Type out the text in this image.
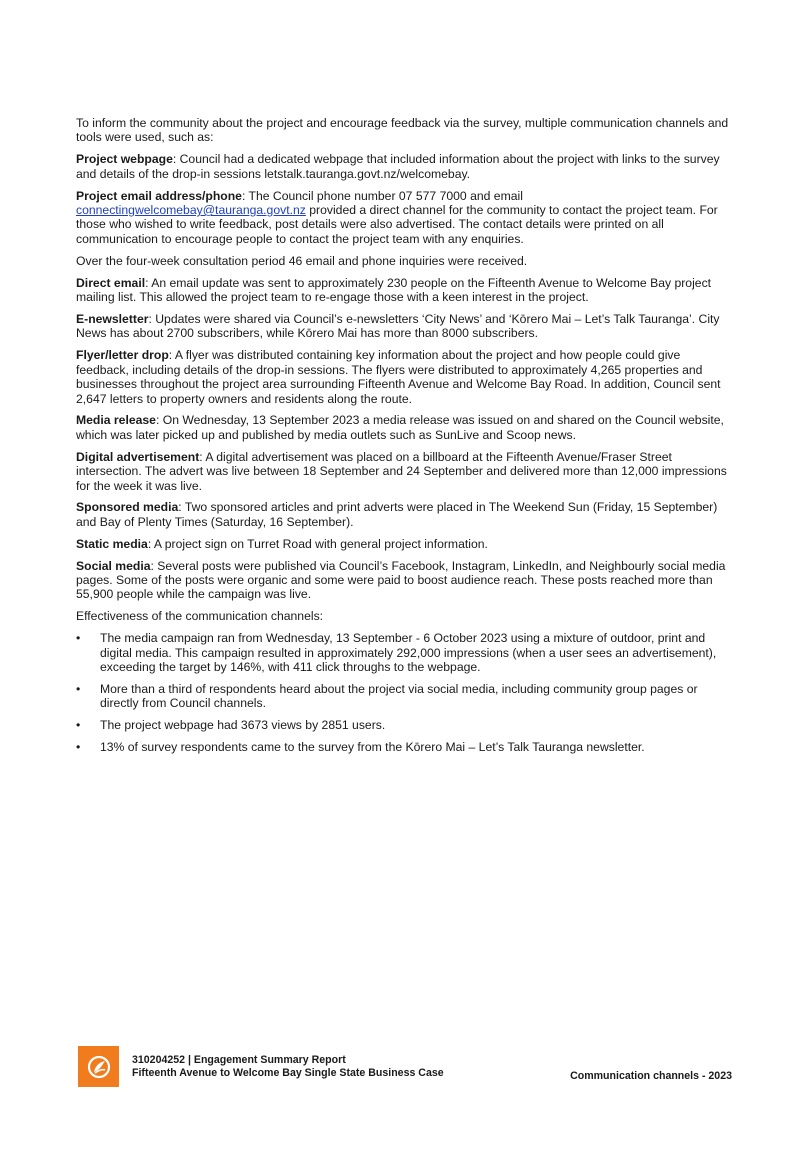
To inform the community about the project and encourage feedback via the survey, multiple communication channels and tools were used, such as:

Project webpage: Council had a dedicated webpage that included information about the project with links to the survey and details of the drop-in sessions letstalk.tauranga.govt.nz/welcomebay.

Project email address/phone: The Council phone number 07 577 7000 and email connectingwelcomebay@tauranga.govt.nz provided a direct channel for the community to contact the project team. For those who wished to write feedback, post details were also advertised. The contact details were printed on all communication to encourage people to contact the project team with any enquiries.

Over the four-week consultation period 46 email and phone inquiries were received.

Direct email: An email update was sent to approximately 230 people on the Fifteenth Avenue to Welcome Bay project mailing list. This allowed the project team to re-engage those with a keen interest in the project.

E-newsletter: Updates were shared via Council’s e-newsletters ‘City News’ and ‘Kōrero Mai – Let’s Talk Tauranga’. City News has about 2700 subscribers, while Kōrero Mai has more than 8000 subscribers.

Flyer/letter drop: A flyer was distributed containing key information about the project and how people could give feedback, including details of the drop-in sessions. The flyers were distributed to approximately 4,265 properties and businesses throughout the project area surrounding Fifteenth Avenue and Welcome Bay Road. In addition, Council sent 2,647 letters to property owners and residents along the route.

Media release: On Wednesday, 13 September 2023 a media release was issued on and shared on the Council website, which was later picked up and published by media outlets such as SunLive and Scoop news.

Digital advertisement: A digital advertisement was placed on a billboard at the Fifteenth Avenue/Fraser Street intersection. The advert was live between 18 September and 24 September and delivered more than 12,000 impressions for the week it was live.

Sponsored media: Two sponsored articles and print adverts were placed in The Weekend Sun (Friday, 15 September) and Bay of Plenty Times (Saturday, 16 September).

Static media: A project sign on Turret Road with general project information.

Social media: Several posts were published via Council’s Facebook, Instagram, LinkedIn, and Neighbourly social media pages. Some of the posts were organic and some were paid to boost audience reach. These posts reached more than 55,900 people while the campaign was live.

Effectiveness of the communication channels:

• The media campaign ran from Wednesday, 13 September - 6 October 2023 using a mixture of outdoor, print and digital media. This campaign resulted in approximately 292,000 impressions (when a user sees an advertisement), exceeding the target by 146%, with 411 click throughs to the webpage.
• More than a third of respondents heard about the project via social media, including community group pages or directly from Council channels.
• The project webpage had 3673 views by 2851 users.
• 13% of survey respondents came to the survey from the Kōrero Mai – Let’s Talk Tauranga newsletter.
310204252 | Engagement Summary Report
Fifteenth Avenue to Welcome Bay Single State Business Case	Communication channels - 2023
